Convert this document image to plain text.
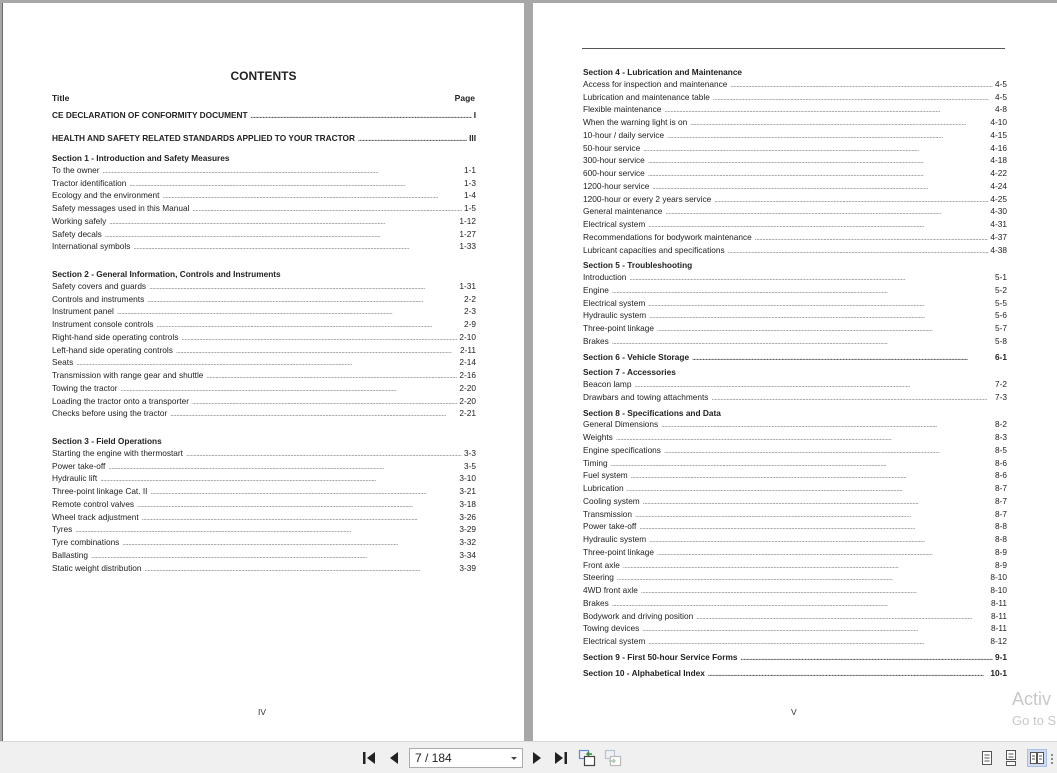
CONTENTS
Title	Page
CE DECLARATION OF CONFORMITY DOCUMENT . . .	I
HEALTH AND SAFETY RELATED STANDARDS APPLIED TO YOUR TRACTOR . . .	III
Section 1 - Introduction and Safety Measures
To the owner . . .	1-1
Tractor identification . . .	1-3
Ecology and the environment . . .	1-4
Safety messages used in this Manual . . .	1-5
Working safely . . .	1-12
Safety decals . . .	1-27
International symbols . . .	1-33
Section 2 - General Information, Controls and Instruments
Safety covers and guards . . .	1-31
Controls and instruments . . .	2-2
Instrument panel . . .	2-3
Instrument console controls . . .	2-9
Right-hand side operating controls . . .	2-10
Left-hand side operating controls . . .	2-11
Seats . . .	2-14
Transmission with range gear and shuttle . . .	2-16
Towing the tractor . . .	2-20
Loading the tractor onto a transporter . . .	2-20
Checks before using the tractor . . .	2-21
Section 3 - Field Operations
Starting the engine with thermostart . . .	3-3
Power take-off . . .	3-5
Hydraulic lift . . .	3-10
Three-point linkage Cat. II . . .	3-21
Remote control valves . . .	3-18
Wheel track adjustment . . .	3-26
Tyres . . .	3-29
Tyre combinations . . .	3-32
Ballasting . . .	3-34
Static weight distribution . . .	3-39
IV
Section 4 - Lubrication and Maintenance
Access for inspection and maintenance . . .	4-5
Lubrication and maintenance table . . .	4-5
Flexible maintenance . . .	4-8
When the warning light is on . . .	4-10
10-hour / daily service . . .	4-15
50-hour service . . .	4-16
300-hour service . . .	4-18
600-hour service . . .	4-22
1200-hour service . . .	4-24
1200-hour or every 2 years service . . .	4-25
General maintenance . . .	4-30
Electrical system . . .	4-31
Recommendations for bodywork maintenance . . .	4-37
Lubricant capacities and specifications . . .	4-38
Section 5 - Troubleshooting
Introduction . . .	5-1
Engine . . .	5-2
Electrical system . . .	5-5
Hydraulic system . . .	5-6
Three-point linkage . . .	5-7
Brakes . . .	5-8
Section 6 - Vehicle Storage . . .	6-1
Section 7 - Accessories
Beacon lamp . . .	7-2
Drawbars and towing attachments . . .	7-3
Section 8 - Specifications and Data
General Dimensions . . .	8-2
Weights . . .	8-3
Engine specifications . . .	8-5
Timing . . .	8-6
Fuel system . . .	8-6
Lubrication . . .	8-7
Cooling system . . .	8-7
Transmission . . .	8-7
Power take-off . . .	8-8
Hydraulic system . . .	8-8
Three-point linkage . . .	8-9
Front axle . . .	8-9
Steering . . .	8-10
4WD front axle . . .	8-10
Brakes . . .	8-11
Bodywork and driving position . . .	8-11
Towing devices . . .	8-11
Electrical system . . .	8-12
Section 9 - First 50-hour Service Forms . . .	9-1
Section 10 - Alphabetical Index . . .	10-1
V
Activ
Go to S
7 / 184
